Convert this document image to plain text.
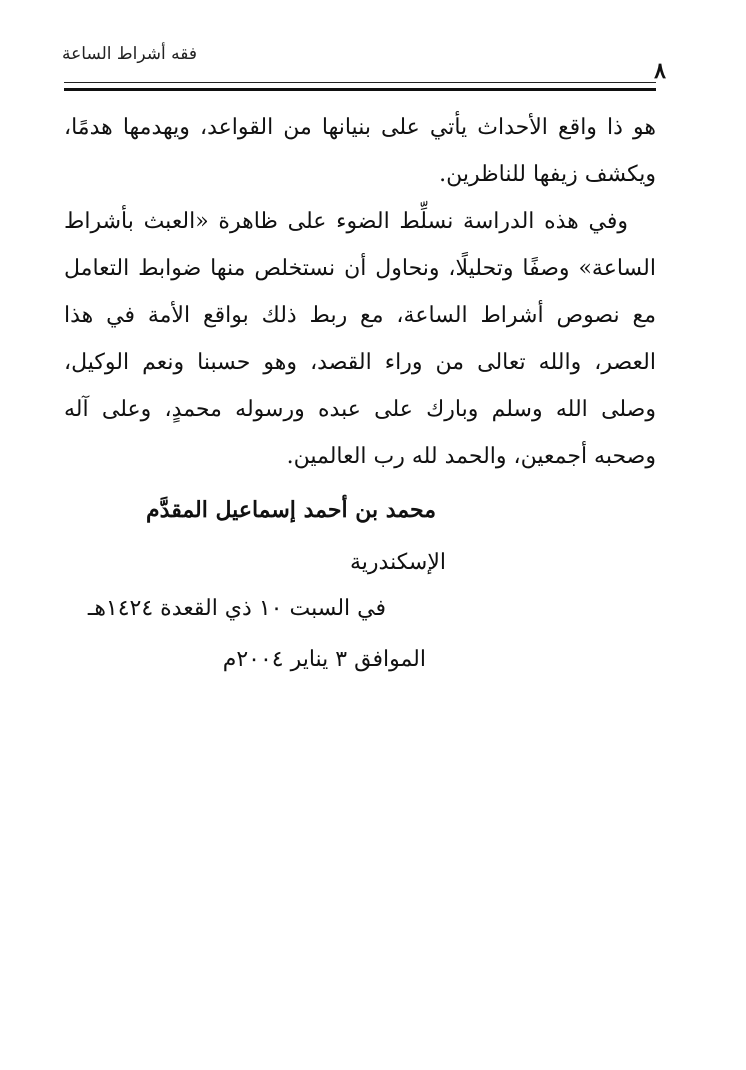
فقه أشراط الساعة
٨

هو ذا واقع الأحداث يأتي على بنيانها من القواعد، ويهدمها هدمًا، ويكشف زيفها للناظرين.

وفي هذه الدراسة نسلِّط الضوء على ظاهرة «العبث بأشراط الساعة» وصفًا وتحليلًا، ونحاول أن نستخلص منها ضوابط التعامل مع نصوص أشراط الساعة، مع ربط ذلك بواقع الأمة في هذا العصر، والله تعالى من وراء القصد، وهو حسبنا ونعم الوكيل، وصلى الله وسلم وبارك على عبده ورسوله محمدٍ، وعلى آله وصحبه أجمعين، والحمد لله رب العالمين.

محمد بن أحمد إسماعيل المقدَّم
الإسكندرية
في السبت ١٠ ذي القعدة ١٤٢٤هـ
الموافق ٣ يناير ٢٠٠٤م
